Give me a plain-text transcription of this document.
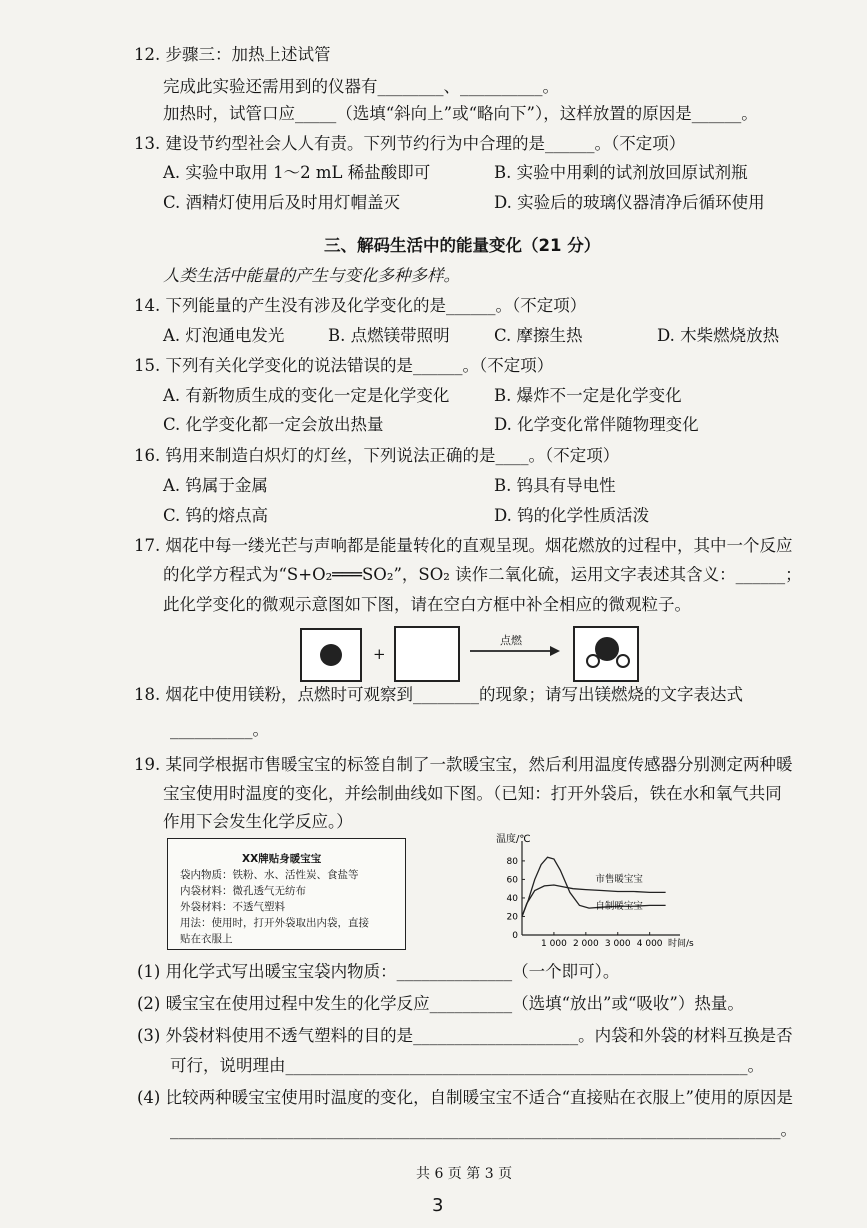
12. 步骤三：加热上述试管
完成此实验还需用到的仪器有________、__________。
加热时，试管口应_____（选填“斜向上”或“略向下”），这样放置的原因是______。
13. 建设节约型社会人人有责。下列节约行为中合理的是______。（不定项）
A. 实验中取用 1～2 mL 稀盐酸即可	B. 实验中用剩的试剂放回原试剂瓶
C. 酒精灯使用后及时用灯帽盖灭	D. 实验后的玻璃仪器清净后循环使用
三、解码生活中的能量变化（21 分）
人类生活中能量的产生与变化多种多样。
14. 下列能量的产生没有涉及化学变化的是______。（不定项）
A. 灯泡通电发光	B. 点燃镁带照明	C. 摩擦生热	D. 木柴燃烧放热
15. 下列有关化学变化的说法错误的是______。（不定项）
A. 有新物质生成的变化一定是化学变化	B. 爆炸不一定是化学变化
C. 化学变化都一定会放出热量	D. 化学变化常伴随物理变化
16. 钨用来制造白炽灯的灯丝，下列说法正确的是____。（不定项）
A. 钨属于金属	B. 钨具有导电性
C. 钨的熔点高	D. 钨的化学性质活泼
17. 烟花中每一缕光芒与声响都是能量转化的直观呈现。烟花燃放的过程中，其中一个反应
的化学方程式为“S+O₂═══SO₂”，SO₂ 读作二氧化硫，运用文字表述其含义：______；
此化学变化的微观示意图如下图，请在空白方框中补全相应的微观粒子。
+
点燃
18. 烟花中使用镁粉，点燃时可观察到________的现象；请写出镁燃烧的文字表达式
__________。
19. 某同学根据市售暖宝宝的标签自制了一款暖宝宝，然后利用温度传感器分别测定两种暖
宝宝使用时温度的变化，并绘制曲线如下图。（已知：打开外袋后，铁在水和氧气共同
作用下会发生化学反应。）
XX牌贴身暖宝宝
袋内物质：铁粉、水、活性炭、食盐等
内袋材料：微孔透气无纺布
外袋材料：不透气塑料
用法：使用时，打开外袋取出内袋，直接
贴在衣服上
温度/℃
0
20
40
60
80
1 000 2 000 3 000 4 000 时间/s
市售暖宝宝
自制暖宝宝
(1) 用化学式写出暖宝宝袋内物质：______________（一个即可）。
(2) 暖宝宝在使用过程中发生的化学反应__________（选填“放出”或“吸收”）热量。
(3) 外袋材料使用不透气塑料的目的是____________________。内袋和外袋的材料互换是否
可行，说明理由________________________________________________________。
(4) 比较两种暖宝宝使用时温度的变化，自制暖宝宝不适合“直接贴在衣服上”使用的原因是
__________________________________________________________________________。
共 6 页 第 3 页
3
